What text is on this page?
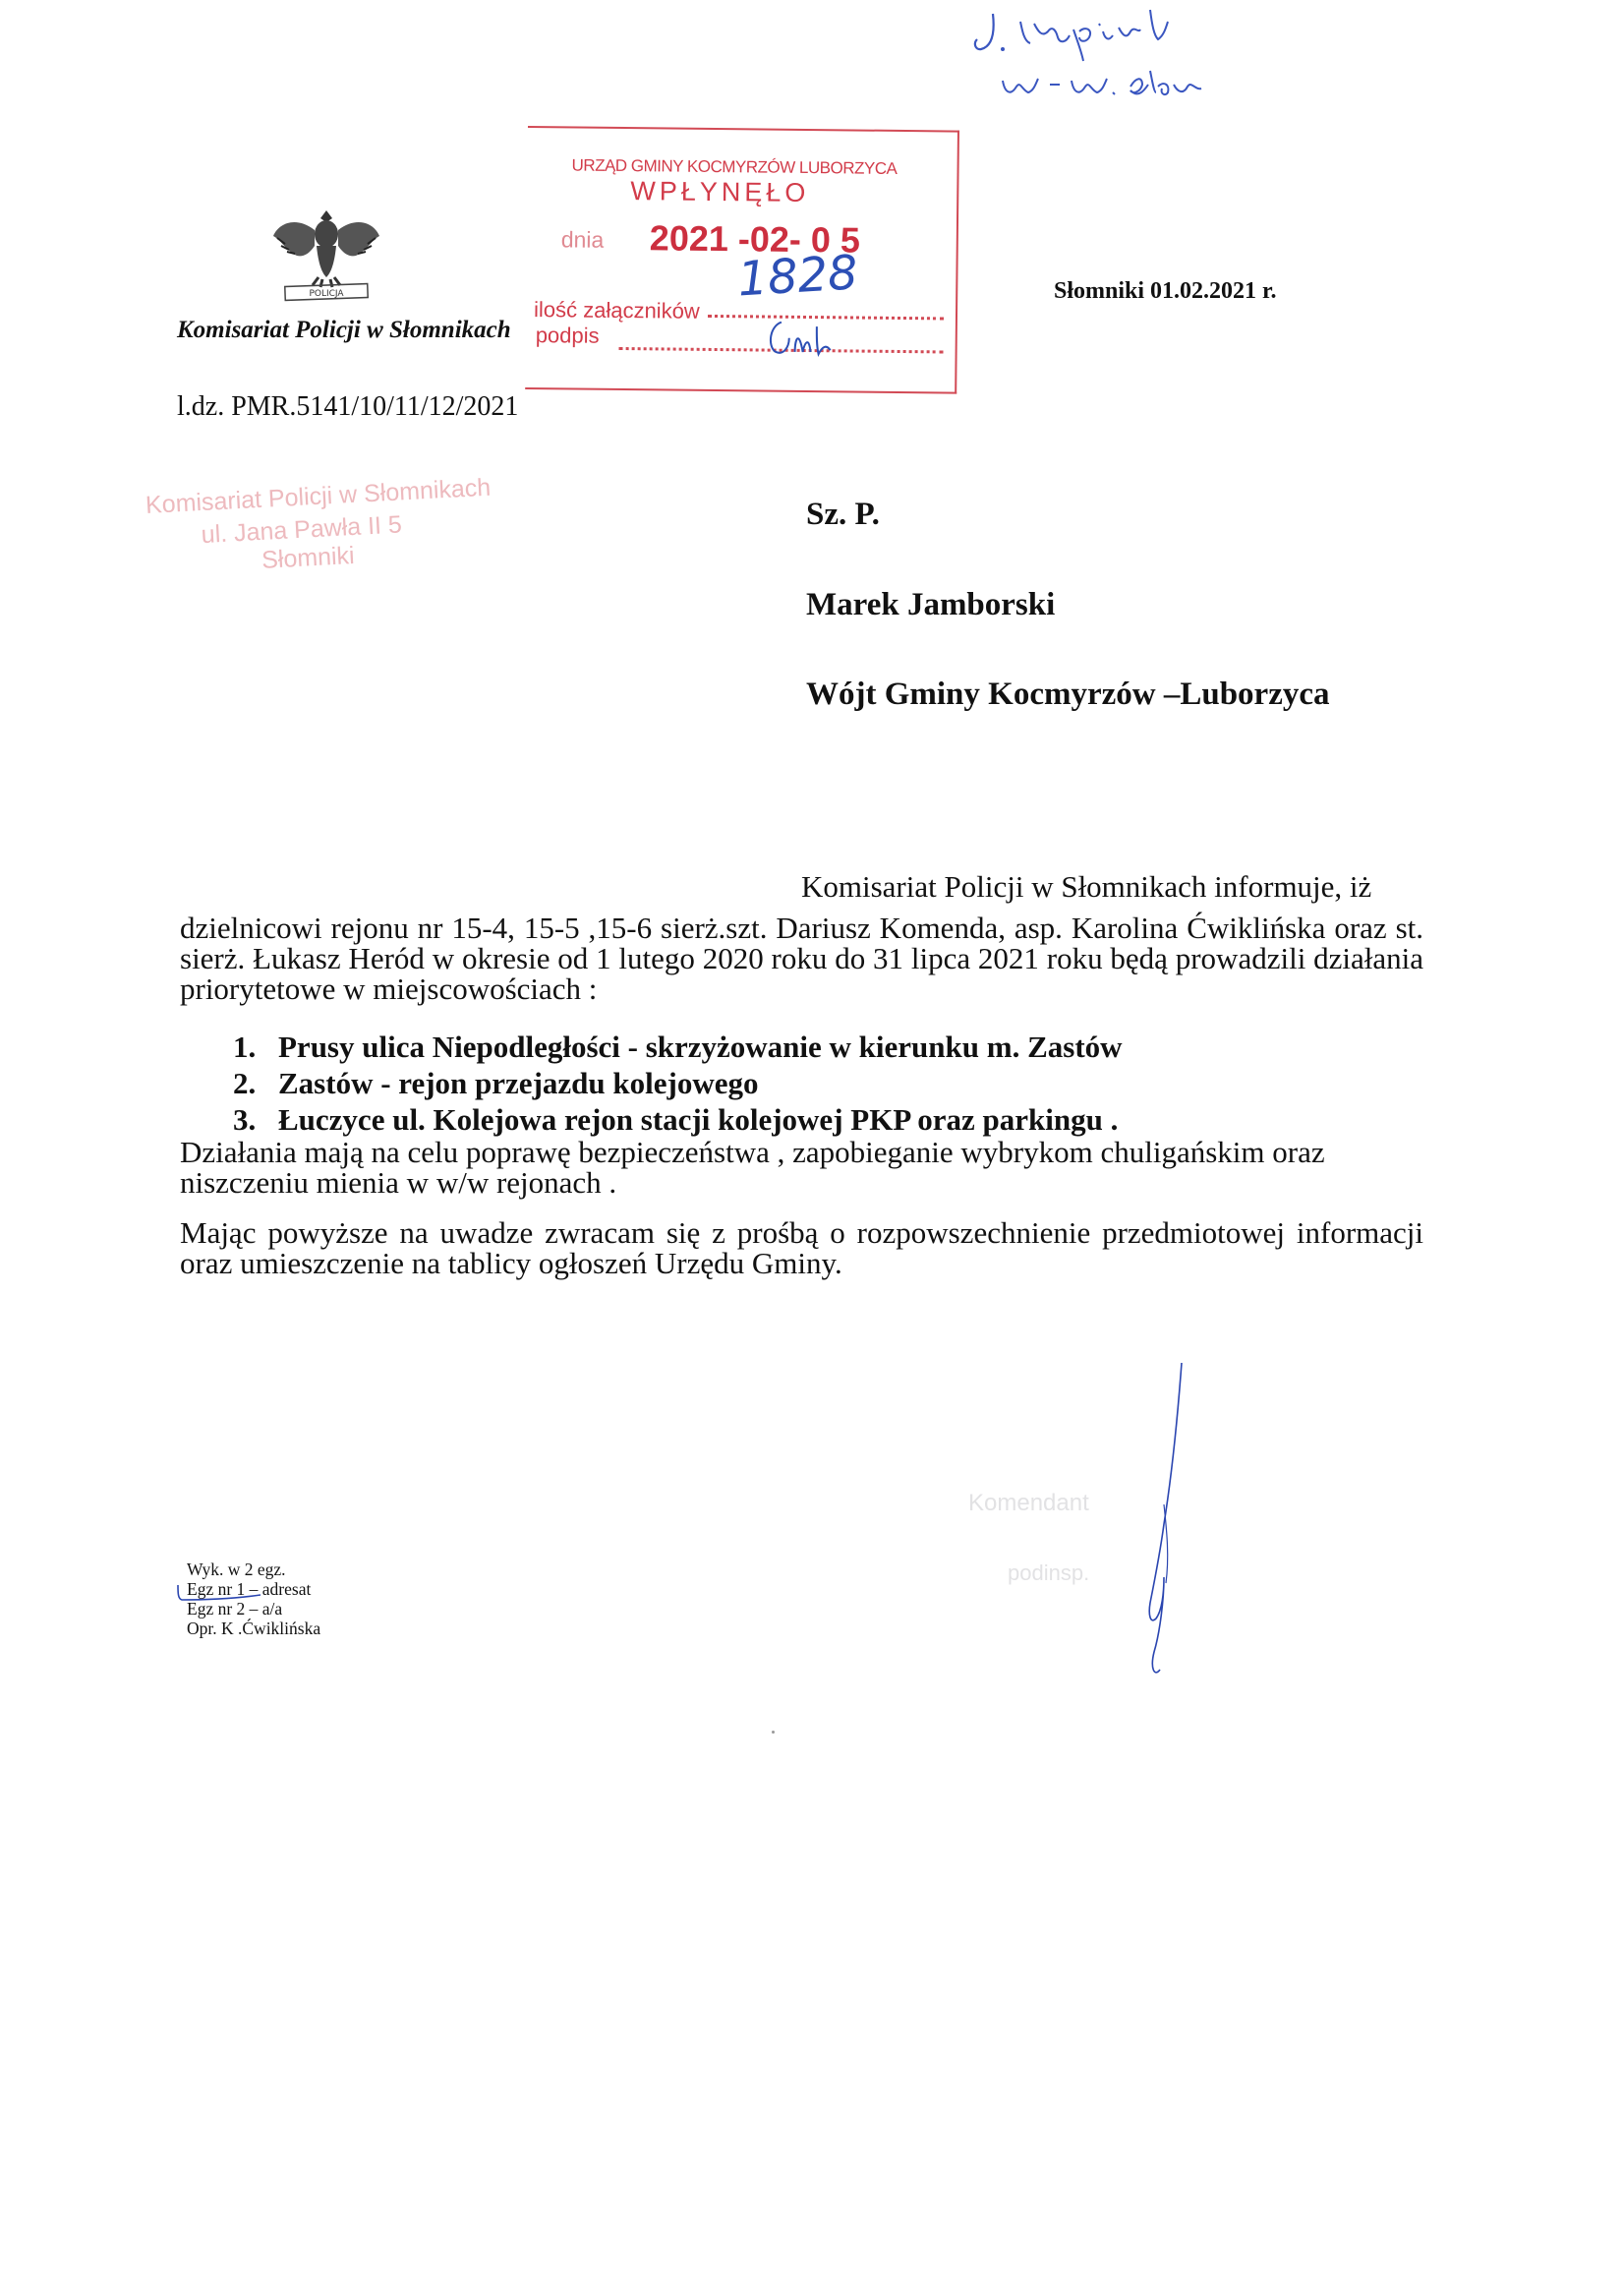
POLICJA
Komisariat Policji w Słomnikach
l.dz. PMR.5141/10/11/12/2021
Słomniki 01.02.2021 r.
URZĄD GMINY KOCMYRZÓW LUBORZYCA
WPŁYNĘŁO
dnia 2021 -02- 0 5
ilość załączników
podpis
1828
Komisariat Policji w Słomnikach
ul. Jana Pawła II 5
Słomniki
Sz. P.
Marek Jamborski
Wójt Gminy Kocmyrzów –Luborzyca
Komisariat Policji w Słomnikach informuje, iż
dzielnicowi rejonu nr 15-4, 15-5 ,15-6 sierż.szt. Dariusz Komenda, asp. Karolina Ćwiklińska oraz st. sierż. Łukasz Heród w okresie od 1 lutego 2020 roku do 31 lipca 2021 roku będą prowadzili działania priorytetowe w miejscowościach :
1. Prusy ulica Niepodległości - skrzyżowanie w kierunku m. Zastów
2. Zastów - rejon przejazdu kolejowego
3. Łuczyce ul. Kolejowa rejon stacji kolejowej PKP oraz parkingu .
Działania mają na celu poprawę bezpieczeństwa , zapobieganie wybrykom chuligańskim oraz niszczeniu mienia w w/w rejonach .
Mając powyższe na uwadze zwracam się z prośbą o rozpowszechnienie przedmiotowej informacji oraz umieszczenie na tablicy ogłoszeń Urzędu Gminy.
Komendant
podinsp.
Wyk. w 2 egz.
Egz nr 1 – adresat
Egz nr 2 – a/a
Opr. K .Ćwiklińska
